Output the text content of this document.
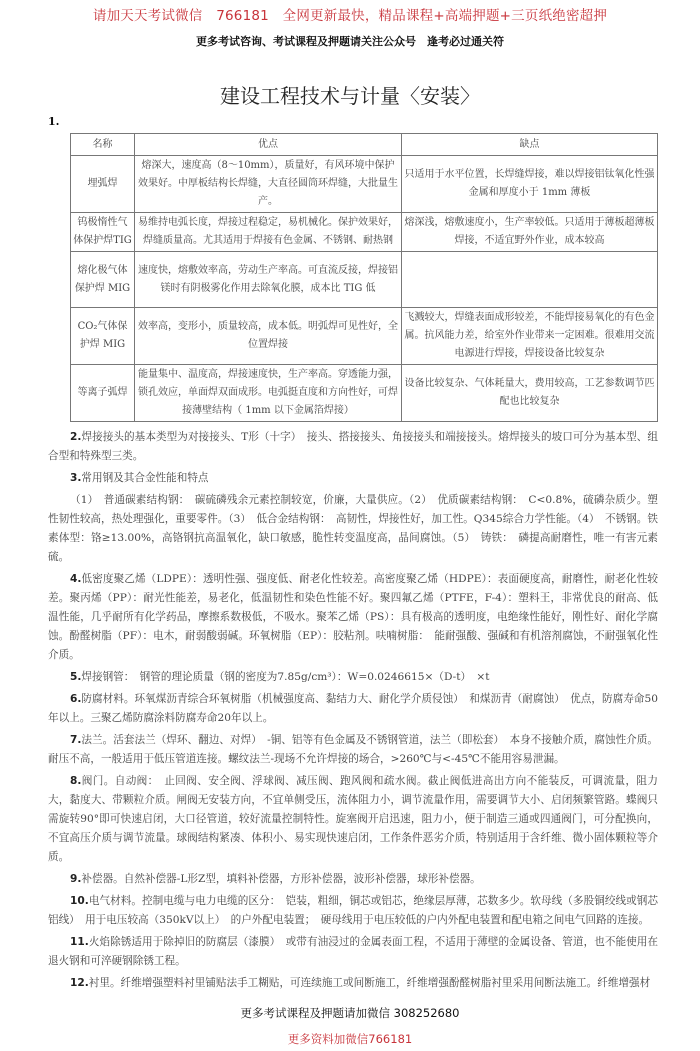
请加天天考试微信　766181　全网更新最快，精品课程+高端押题+三页纸绝密超押
更多考试咨询、考试课程及押题请关注公众号　逢考必过通关符
建设工程技术与计量〈安装〉
1.
名称	优点	缺点
埋弧焊	熔深大，速度高（8～10mm），质量好，有风环境中保护效果好。中厚板结构长焊缝，大直径圆筒环焊缝，大批量生产。	只适用于水平位置，长焊缝焊接，难以焊接铝钛氧化性强金属和厚度小于 1mm 薄板
钨极惰性气体保护焊TIG	易维持电弧长度，焊接过程稳定，易机械化。保护效果好，焊缝质量高。尤其适用于焊接有色金属、不锈钢、耐热钢	熔深浅，熔敷速度小，生产率较低。只适用于薄板超薄板焊接，不适宜野外作业，成本较高
熔化极气体保护焊 MIG	速度快，熔敷效率高，劳动生产率高。可直流反接，焊接铝镁时有阴极雾化作用去除氧化膜，成本比 TIG 低	
CO₂气体保护焊 MIG	效率高，变形小，质量较高，成本低。明弧焊可见性好，全位置焊接	飞溅较大，焊缝表面成形较差，不能焊接易氧化的有色金属。抗风能力差，给室外作业带来一定困难。很难用交流电源进行焊接，焊接设备比较复杂
等离子弧焊	能量集中、温度高，焊接速度快，生产率高。穿透能力强，锁孔效应，单面焊双面成形。电弧挺直度和方向性好，可焊接薄壁结构（ 1mm 以下金属箔焊接）	设备比较复杂、气体耗量大，费用较高，工艺参数调节匹配也比较复杂
2.焊接接头的基本类型为对接接头、T形（十字）　接头、搭接接头、角接接头和端接接头。熔焊接头的坡口可分为基本型、组合型和特殊型三类。
3.常用钢及其合金性能和特点
（1）　普通碳素结构钢：　碳硫磷残余元素控制较宽，价廉，大量供应。（2）　优质碳素结构钢：　C<0.8%，硫磷杂质少。塑性韧性较高，热处理强化，重要零件。（3）　低合金结构钢：　高韧性，焊接性好，加工性。Q345综合力学性能。（4）　不锈钢。铁素体型：铬≥13.00%，高铬钢抗高温氧化，缺口敏感，脆性转变温度高，晶间腐蚀。（5）　铸铁：　磷提高耐磨性，唯一有害元素硫。
4.低密度聚乙烯（LDPE）：透明性强、强度低、耐老化性较差。高密度聚乙烯（HDPE）：表面硬度高，耐磨性，耐老化性较差。聚丙烯（PP）：耐光性能差，易老化，低温韧性和染色性能不好。聚四氟乙烯（PTFE，F-4）：塑料王，非常优良的耐高、低温性能，几乎耐所有化学药品，摩擦系数极低，不吸水。聚苯乙烯（PS）：具有极高的透明度，电绝缘性能好，刚性好、耐化学腐蚀。酚醛树脂（PF）：电木，耐弱酸弱碱。环氧树脂（EP）：胶粘剂。呋喃树脂：　能耐强酸、强碱和有机溶剂腐蚀，不耐强氧化性介质。
5.焊接钢管：　钢管的理论质量（钢的密度为7.85g/cm³）：W=0.0246615×（D-t）　×t
6.防腐材料。环氧煤沥青综合环氧树脂（机械强度高、黏结力大、耐化学介质侵蚀）　和煤沥青（耐腐蚀）　优点，防腐寿命50年以上。三聚乙烯防腐涂料防腐寿命20年以上。
7.法兰。活套法兰（焊环、翻边、对焊）　-铜、铝等有色金属及不锈钢管道，法兰（即松套）　本身不接触介质，腐蚀性介质。耐压不高，一般适用于低压管道连接。螺纹法兰-现场不允许焊接的场合，>260℃与<-45℃不能用容易泄漏。
8.阀门。自动阀：　止回阀、安全阀、浮球阀、减压阀、跑风阀和疏水阀。截止阀低进高出方向不能装反，可调流量，阻力大，黏度大、带颗粒介质。闸阀无安装方向，不宜单侧受压，流体阻力小，调节流量作用，需要调节大小、启闭频繁管路。蝶阀只需旋转90°即可快速启闭，大口径管道，较好流量控制特性。旋塞阀开启迅速，阻力小，便于制造三通或四通阀门，可分配换向，不宜高压介质与调节流量。球阀结构紧凑、体积小、易实现快速启闭，工作条件恶劣介质，特别适用于含纤维、微小固体颗粒等介质。
9.补偿器。自然补偿器-L形Z型，填料补偿器，方形补偿器，波形补偿器，球形补偿器。
10.电气材料。控制电缆与电力电缆的区分：　铠装，粗细，铜芯或铝芯，绝缘层厚薄，芯数多少。软母线（多股铜绞线或钢芯铝线）　用于电压较高（350kV以上）　的户外配电装置；　硬母线用于电压较低的户内外配电装置和配电箱之间电气回路的连接。
11.火焰除锈适用于除掉旧的防腐层（漆膜）　或带有油浸过的金属表面工程，不适用于薄壁的金属设备、管道，也不能使用在退火钢和可淬硬钢除锈工程。
12.衬里。纤维增强塑料衬里铺贴法手工糊贴，可连续施工或间断施工，纤维增强酚醛树脂衬里采用间断法施工。纤维增强材
更多考试课程及押题请加微信 308252680
更多资料加微信766181
